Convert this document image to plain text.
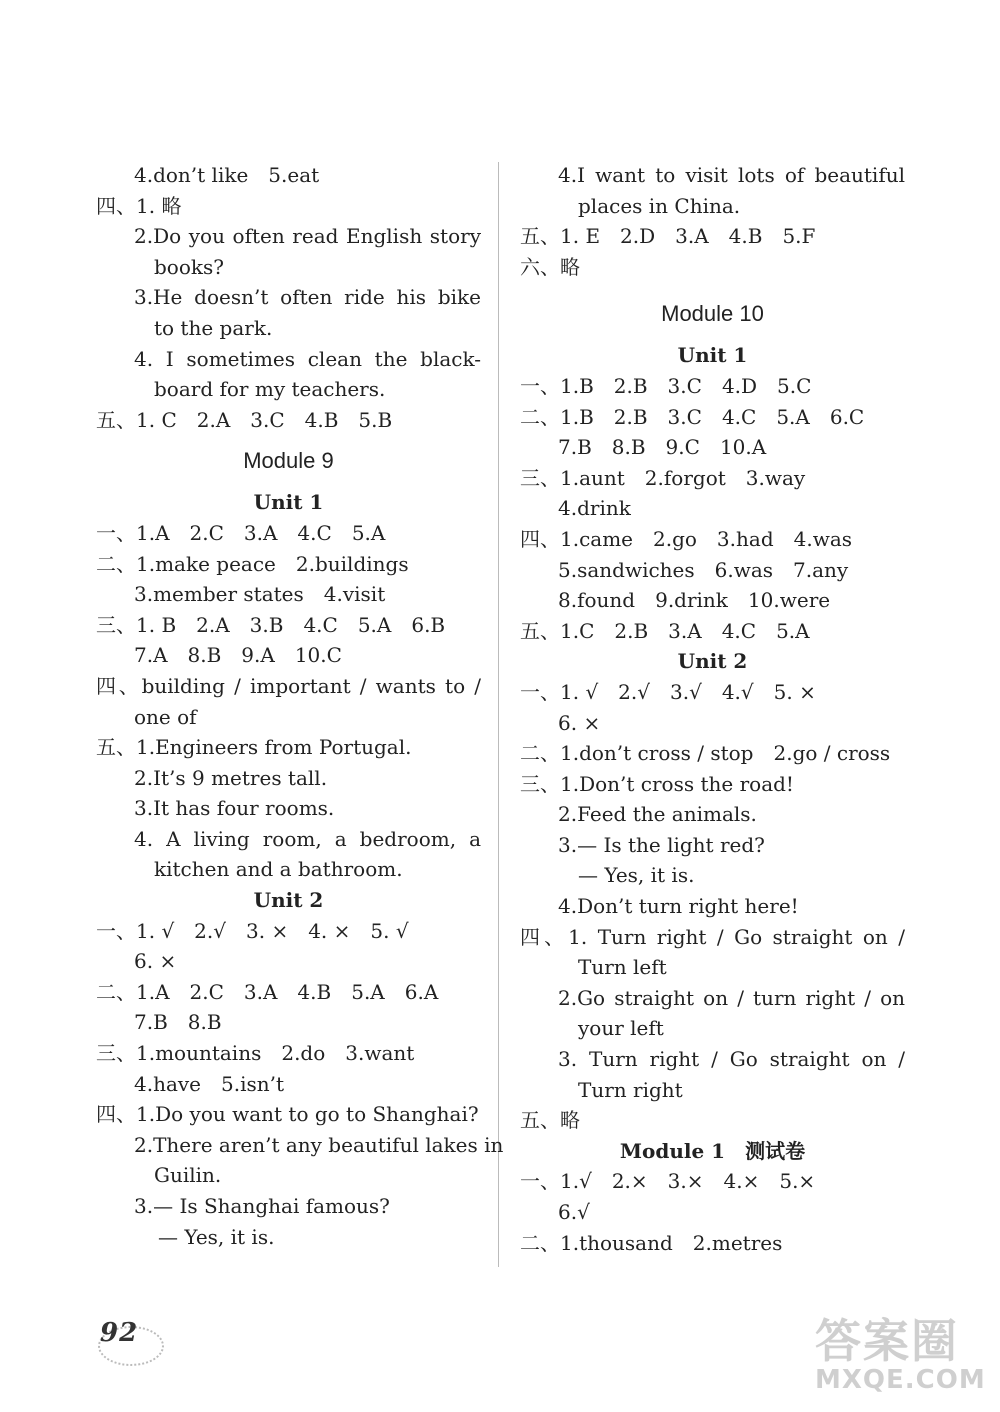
4.don’t like　5.eat
四、1. 略
2.Do you often read English story
books?
3.He doesn’t often ride his bike
to the park.
4. I sometimes clean the black-
board for my teachers.
五、1. C　2.A　3.C　4.B　5.B
Module 9
Unit 1
一、1.A　2.C　3.A　4.C　5.A
二、1.make peace　2.buildings
3.member states　4.visit
三、1. B　2.A　3.B　4.C　5.A　6.B
7.A　8.B　9.A　10.C
四、building / important / wants to /
one of
五、1.Engineers from Portugal.
2.It’s 9 metres tall.
3.It has four rooms.
4. A living room, a bedroom, a
kitchen and a bathroom.
Unit 2
一、1. √　2.√　3. ×　4. ×　5. √
6. ×
二、1.A　2.C　3.A　4.B　5.A　6.A
7.B　8.B
三、1.mountains　2.do　3.want
4.have　5.isn’t
四、1.Do you want to go to Shanghai?
2.There aren’t any beautiful lakes in
Guilin.
3.— Is Shanghai famous?
— Yes, it is.
4.I want to visit lots of beautiful
places in China.
五、1. E　2.D　3.A　4.B　5.F
六、略
Module 10
Unit 1
一、1.B　2.B　3.C　4.D　5.C
二、1.B　2.B　3.C　4.C　5.A　6.C
7.B　8.B　9.C　10.A
三、1.aunt　2.forgot　3.way
4.drink
四、1.came　2.go　3.had　4.was
5.sandwiches　6.was　7.any
8.found　9.drink　10.were
五、1.C　2.B　3.A　4.C　5.A
Unit 2
一、1. √　2.√　3.√　4.√　5. ×
6. ×
二、1.don’t cross / stop　2.go / cross
三、1.Don’t cross the road!
2.Feed the animals.
3.— Is the light red?
— Yes, it is.
4.Don’t turn right here!
四、1. Turn right / Go straight on /
Turn left
2.Go straight on / turn right / on
your left
3. Turn right / Go straight on /
Turn right
五、略
Module 1　测试卷
一、1.√　2.×　3.×　4.×　5.×
6.√
二、1.thousand　2.metres
92	答案圈
MXQE.COM
